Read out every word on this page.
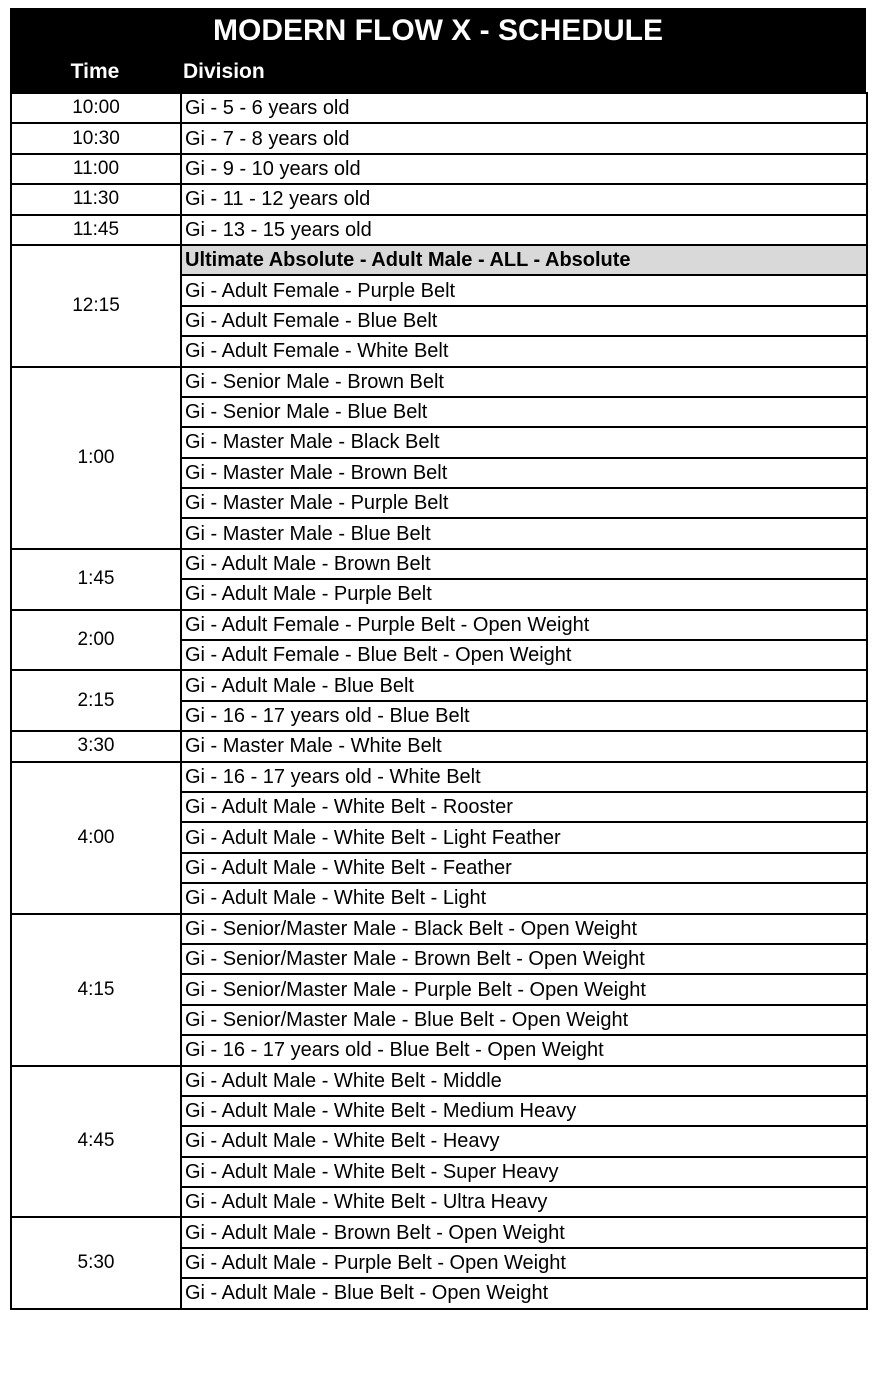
MODERN FLOW X - SCHEDULE
Time	Division
10:00	Gi - 5 - 6 years old
10:30	Gi - 7 - 8 years old
11:00	Gi - 9 - 10 years old
11:30	Gi - 11 - 12 years old
11:45	Gi - 13 - 15 years old
12:15	Ultimate Absolute - Adult Male - ALL - Absolute
	Gi - Adult Female - Purple Belt
	Gi - Adult Female - Blue Belt
	Gi - Adult Female - White Belt
1:00	Gi - Senior Male - Brown Belt
	Gi - Senior Male - Blue Belt
	Gi - Master Male - Black Belt
	Gi - Master Male - Brown Belt
	Gi - Master Male - Purple Belt
	Gi - Master Male - Blue Belt
1:45	Gi - Adult Male - Brown Belt
	Gi - Adult Male - Purple Belt
2:00	Gi - Adult Female - Purple Belt - Open Weight
	Gi - Adult Female - Blue Belt - Open Weight
2:15	Gi - Adult Male - Blue Belt
	Gi - 16 - 17 years old - Blue Belt
3:30	Gi - Master Male - White Belt
4:00	Gi - 16 - 17 years old - White Belt
	Gi - Adult Male - White Belt - Rooster
	Gi - Adult Male - White Belt - Light Feather
	Gi - Adult Male - White Belt - Feather
	Gi - Adult Male - White Belt - Light
4:15	Gi - Senior/Master Male - Black Belt - Open Weight
	Gi - Senior/Master Male - Brown Belt - Open Weight
	Gi - Senior/Master Male - Purple Belt - Open Weight
	Gi - Senior/Master Male - Blue Belt - Open Weight
	Gi - 16 - 17 years old - Blue Belt - Open Weight
4:45	Gi - Adult Male - White Belt - Middle
	Gi - Adult Male - White Belt - Medium Heavy
	Gi - Adult Male - White Belt - Heavy
	Gi - Adult Male - White Belt - Super Heavy
	Gi - Adult Male - White Belt - Ultra Heavy
5:30	Gi - Adult Male - Brown Belt - Open Weight
	Gi - Adult Male - Purple Belt - Open Weight
	Gi - Adult Male - Blue Belt - Open Weight
